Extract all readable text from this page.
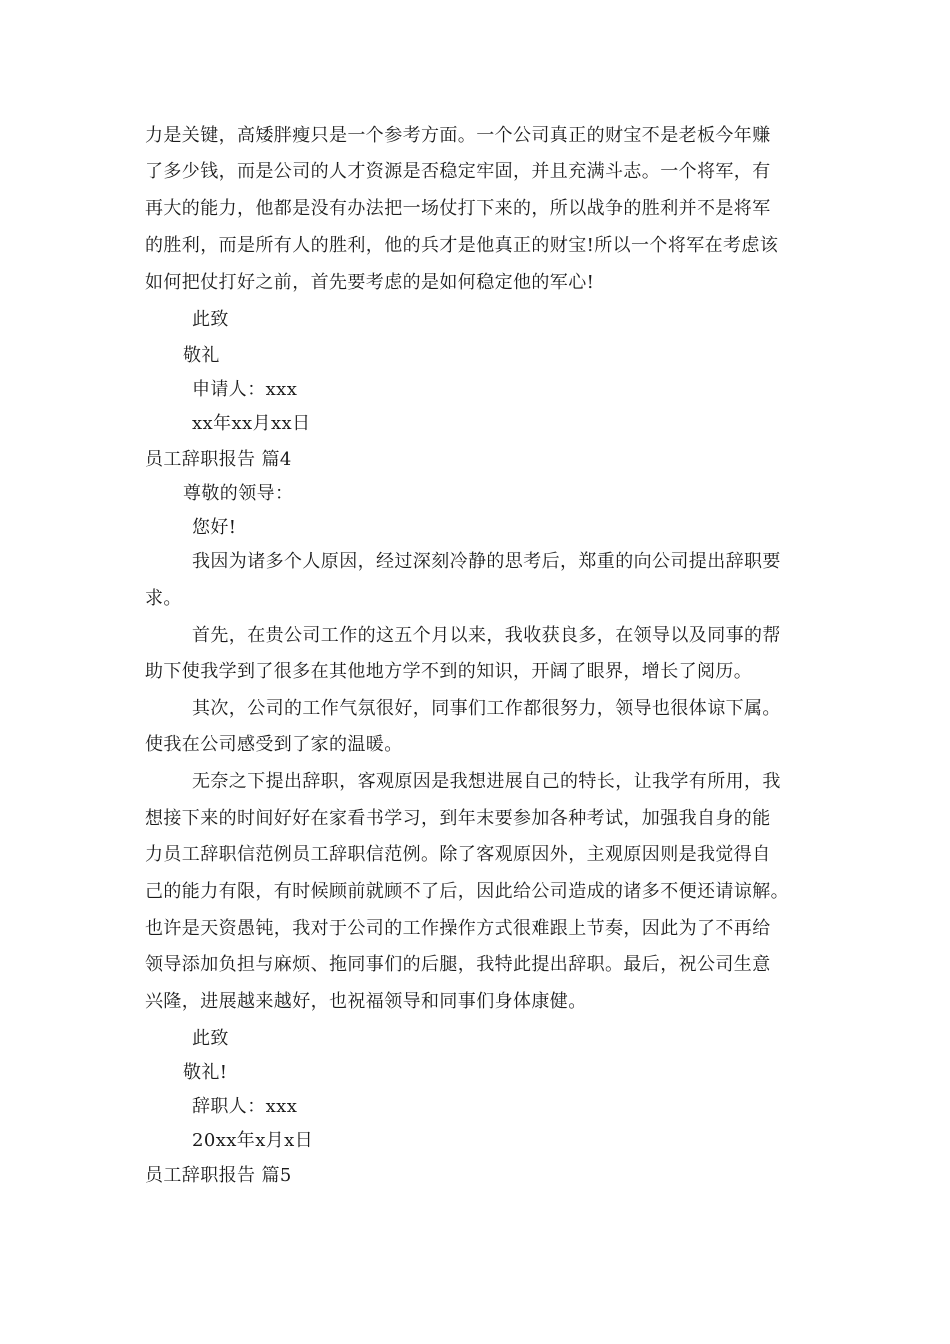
力是关键，高矮胖瘦只是一个参考方面。一个公司真正的财宝不是老板今年赚
了多少钱，而是公司的人才资源是否稳定牢固，并且充满斗志。一个将军，有
再大的能力，他都是没有办法把一场仗打下来的，所以战争的胜利并不是将军
的胜利，而是所有人的胜利，他的兵才是他真正的财宝!所以一个将军在考虑该
如何把仗打好之前，首先要考虑的是如何稳定他的军心!
此致
敬礼
申请人：xxx
xx年xx月xx日
员工辞职报告 篇4
尊敬的领导：
您好!
我因为诸多个人原因，经过深刻冷静的思考后，郑重的向公司提出辞职要
求。
首先，在贵公司工作的这五个月以来，我收获良多，在领导以及同事的帮
助下使我学到了很多在其他地方学不到的知识，开阔了眼界，增长了阅历。
其次，公司的工作气氛很好，同事们工作都很努力，领导也很体谅下属。
使我在公司感受到了家的温暖。
无奈之下提出辞职，客观原因是我想进展自己的特长，让我学有所用，我
想接下来的时间好好在家看书学习，到年末要参加各种考试，加强我自身的能
力员工辞职信范例员工辞职信范例。除了客观原因外，主观原因则是我觉得自
己的能力有限，有时候顾前就顾不了后，因此给公司造成的诸多不便还请谅解。
也许是天资愚钝，我对于公司的工作操作方式很难跟上节奏，因此为了不再给
领导添加负担与麻烦、拖同事们的后腿，我特此提出辞职。最后，祝公司生意
兴隆，进展越来越好，也祝福领导和同事们身体康健。
此致
敬礼!
辞职人：xxx
20xx年x月x日
员工辞职报告 篇5
